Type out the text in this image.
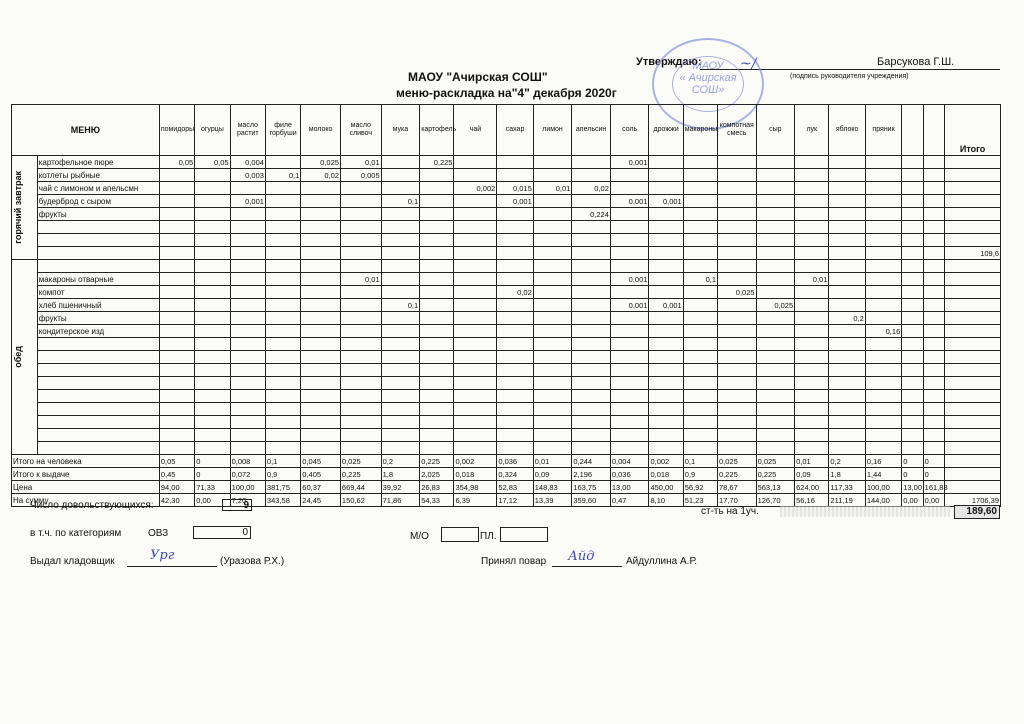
Утверждаю:	Барсукова Г.Ш.
(подпись руководителя учреждения)
МАОУ "Ачирская СОШ"
меню-раскладка на"4" декабря 2020г
МАОУ
« Ачирская
СОШ»
~/
МЕНЮ		помидоры	огурцы	масло растит	филе горбуши	молоко	масло сливоч	мука	картофель	чай	сахар	лимон	апельсин	соль	дрожжи	макароны	компотная смесь	сыр	лук	яблоко	пряник			Итого

горячий завтрак	картофельное пюре	0,05	0,05	0,004		0,025	0,01		0,225					0,001										
	котлеты рыбные			0,003	0,1	0,02	0,005																	
	чай с лимоном и апельсмн									0,002	0,015	0,01	0,02											
	будерброд с сыром			0,001				0,1			0,001			0,001	0,001									
	фрукты												0,224											

																								109,6

обед																								

	макароны отварные						0,01							0,001		0,1			0,01					
	компот										0,02						0,025							
	хлеб пшеничный							0,1						0,001	0,001			0,025						
	фрукты																			0,2				
	кондитерское изд																				0,16			

Итого на человека		0,05	0	0,008	0,1	0,045	0,025	0,2	0,225	0,002	0,036	0,01	0,244	0,004	0,002	0,1	0,025	0,025	0,01	0,2	0,16	0	0	
Итого к выдаче		0,45	0	0,072	0,9	0,405	0,225	1,8	2,025	0,018	0,324	0,09	2,196	0,036	0,018	0,9	0,225	0,225	0,09	1,8	1,44	0	0	
Цена		94,00	71,33	100,00	381,75	60,37	669,44	39,92	26,83	354,98	52,83	148,83	163,75	13,00	450,00	56,92	78,67	563,13	624,00	117,33	100,00	13,00	161,88	
На сумму		42,30	0,00	7,20	343,58	24,45	150,62	71,86	54,33	6,39	17,12	13,39	359,60	0,47	8,10	51,23	17,70	126,70	56,16	211,19	144,00	0,00	0,00	1706,39
Число довольствующихся:	9
ст-ть на 1уч.	189,60
в т.ч. по категориям	ОВЗ	0	М/О	ПЛ.
Выдал кладовщик	Ург	(Уразова Р.Х.)	Принял повар Айд	Айдуллина А.Р.
